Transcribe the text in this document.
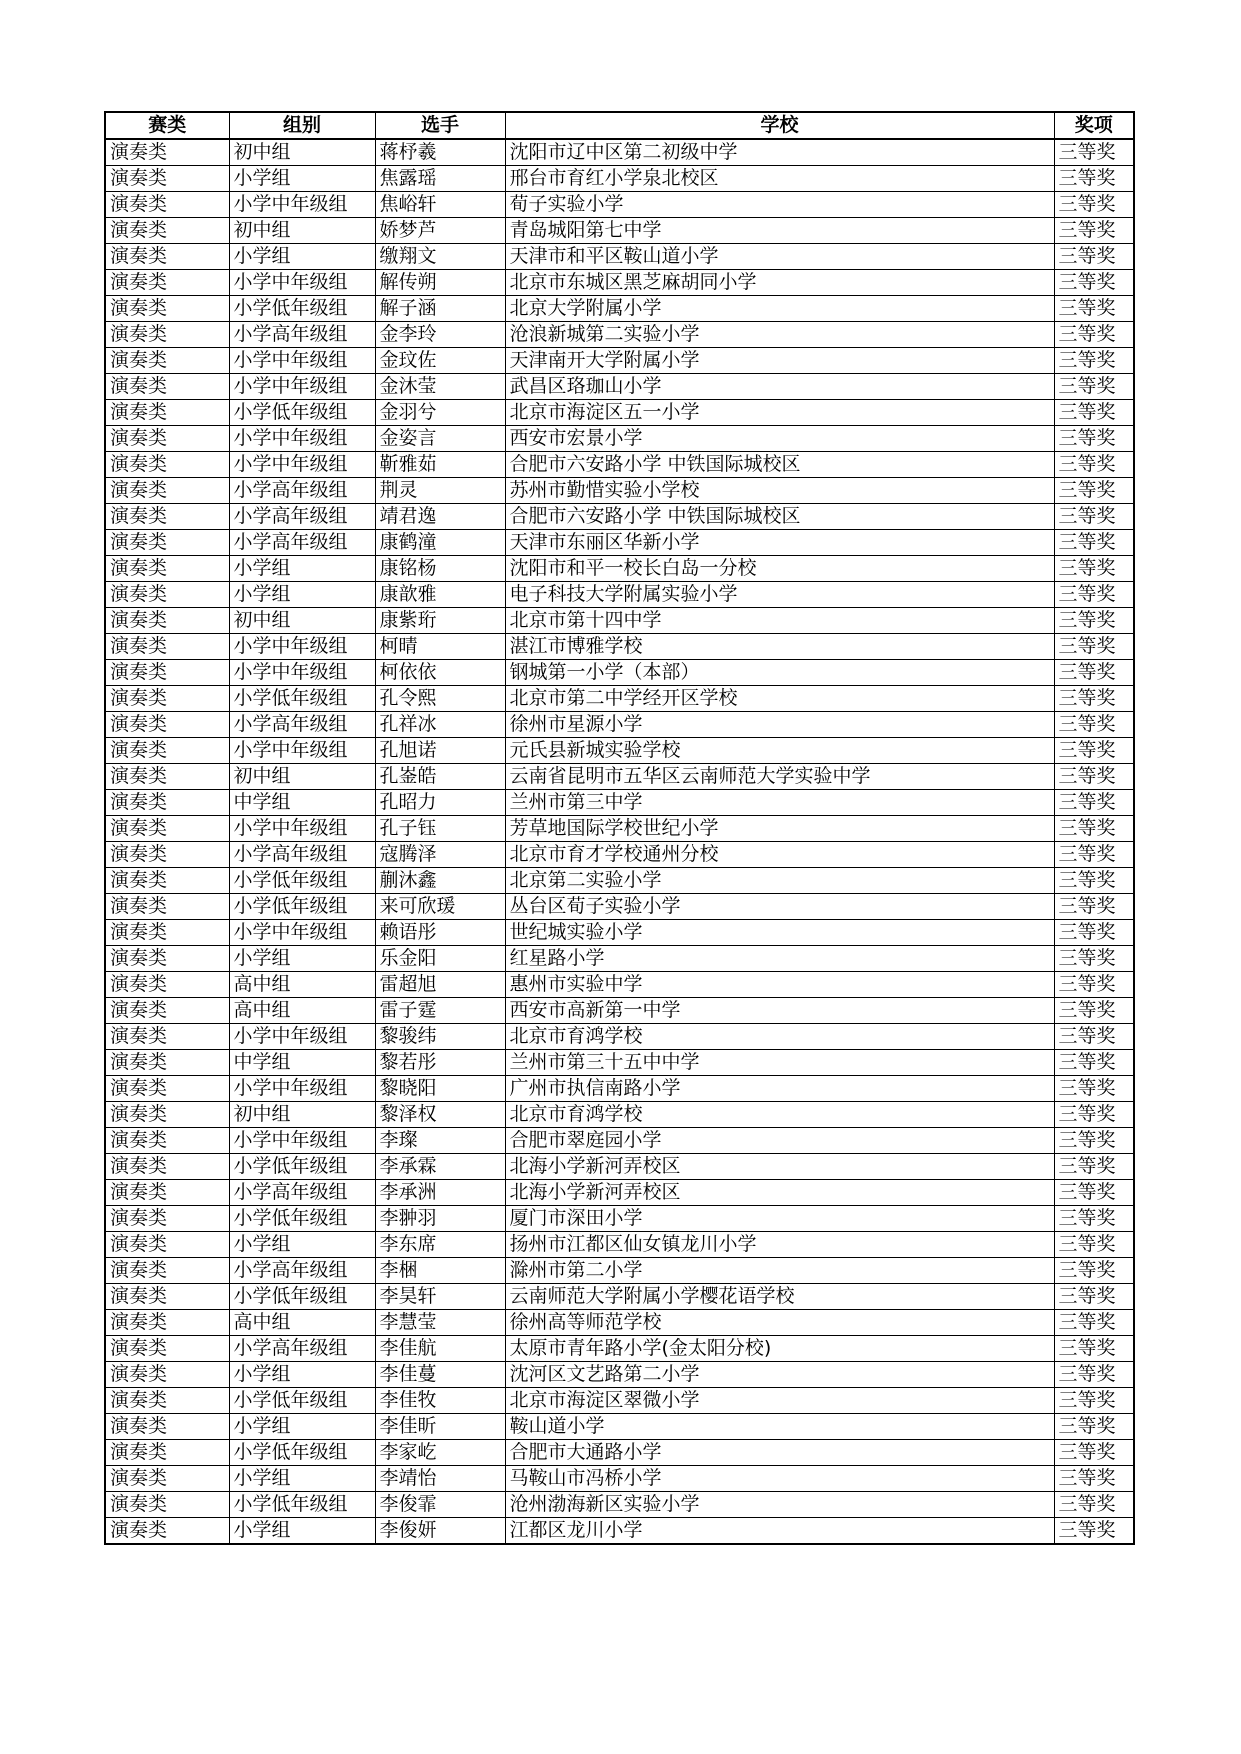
赛类	组别	选手	学校	奖项
演奏类	初中组	蒋杼羲	沈阳市辽中区第二初级中学	三等奖
演奏类	小学组	焦露瑶	邢台市育红小学泉北校区	三等奖
演奏类	小学中年级组	焦峪轩	荀子实验小学	三等奖
演奏类	初中组	娇梦芦	青岛城阳第七中学	三等奖
演奏类	小学组	缴翔文	天津市和平区鞍山道小学	三等奖
演奏类	小学中年级组	解传朔	北京市东城区黑芝麻胡同小学	三等奖
演奏类	小学低年级组	解子涵	北京大学附属小学	三等奖
演奏类	小学高年级组	金李玲	沧浪新城第二实验小学	三等奖
演奏类	小学中年级组	金玟佐	天津南开大学附属小学	三等奖
演奏类	小学中年级组	金沐莹	武昌区珞珈山小学	三等奖
演奏类	小学低年级组	金羽兮	北京市海淀区五一小学	三等奖
演奏类	小学中年级组	金姿言	西安市宏景小学	三等奖
演奏类	小学中年级组	靳雅茹	合肥市六安路小学 中铁国际城校区	三等奖
演奏类	小学高年级组	荆灵	苏州市勤惜实验小学校	三等奖
演奏类	小学高年级组	靖君逸	合肥市六安路小学 中铁国际城校区	三等奖
演奏类	小学高年级组	康鹤潼	天津市东丽区华新小学	三等奖
演奏类	小学组	康铭杨	沈阳市和平一校长白岛一分校	三等奖
演奏类	小学组	康歆雅	电子科技大学附属实验小学	三等奖
演奏类	初中组	康紫珩	北京市第十四中学	三等奖
演奏类	小学中年级组	柯晴	湛江市博雅学校	三等奖
演奏类	小学中年级组	柯依依	钢城第一小学（本部）	三等奖
演奏类	小学低年级组	孔令熙	北京市第二中学经开区学校	三等奖
演奏类	小学高年级组	孔祥冰	徐州市星源小学	三等奖
演奏类	小学中年级组	孔旭诺	元氏县新城实验学校	三等奖
演奏类	初中组	孔崟皓	云南省昆明市五华区云南师范大学实验中学	三等奖
演奏类	中学组	孔昭力	兰州市第三中学	三等奖
演奏类	小学中年级组	孔子钰	芳草地国际学校世纪小学	三等奖
演奏类	小学高年级组	寇腾泽	北京市育才学校通州分校	三等奖
演奏类	小学低年级组	蒯沐鑫	北京第二实验小学	三等奖
演奏类	小学低年级组	来可欣瑗	丛台区荀子实验小学	三等奖
演奏类	小学中年级组	赖语彤	世纪城实验小学	三等奖
演奏类	小学组	乐金阳	红星路小学	三等奖
演奏类	高中组	雷超旭	惠州市实验中学	三等奖
演奏类	高中组	雷子霆	西安市高新第一中学	三等奖
演奏类	小学中年级组	黎骏纬	北京市育鸿学校	三等奖
演奏类	中学组	黎若彤	兰州市第三十五中中学	三等奖
演奏类	小学中年级组	黎晓阳	广州市执信南路小学	三等奖
演奏类	初中组	黎泽权	北京市育鸿学校	三等奖
演奏类	小学中年级组	李璨	合肥市翠庭园小学	三等奖
演奏类	小学低年级组	李承霖	北海小学新河弄校区	三等奖
演奏类	小学高年级组	李承洲	北海小学新河弄校区	三等奖
演奏类	小学低年级组	李翀羽	厦门市深田小学	三等奖
演奏类	小学组	李东席	扬州市江都区仙女镇龙川小学	三等奖
演奏类	小学高年级组	李梱	滁州市第二小学	三等奖
演奏类	小学低年级组	李昊轩	云南师范大学附属小学樱花语学校	三等奖
演奏类	高中组	李慧莹	徐州高等师范学校	三等奖
演奏类	小学高年级组	李佳航	太原市青年路小学(金太阳分校)	三等奖
演奏类	小学组	李佳蔓	沈河区文艺路第二小学	三等奖
演奏类	小学低年级组	李佳牧	北京市海淀区翠微小学	三等奖
演奏类	小学组	李佳昕	鞍山道小学	三等奖
演奏类	小学低年级组	李家屹	合肥市大通路小学	三等奖
演奏类	小学组	李靖怡	马鞍山市冯桥小学	三等奖
演奏类	小学低年级组	李俊霏	沧州渤海新区实验小学	三等奖
演奏类	小学组	李俊妍	江都区龙川小学	三等奖
